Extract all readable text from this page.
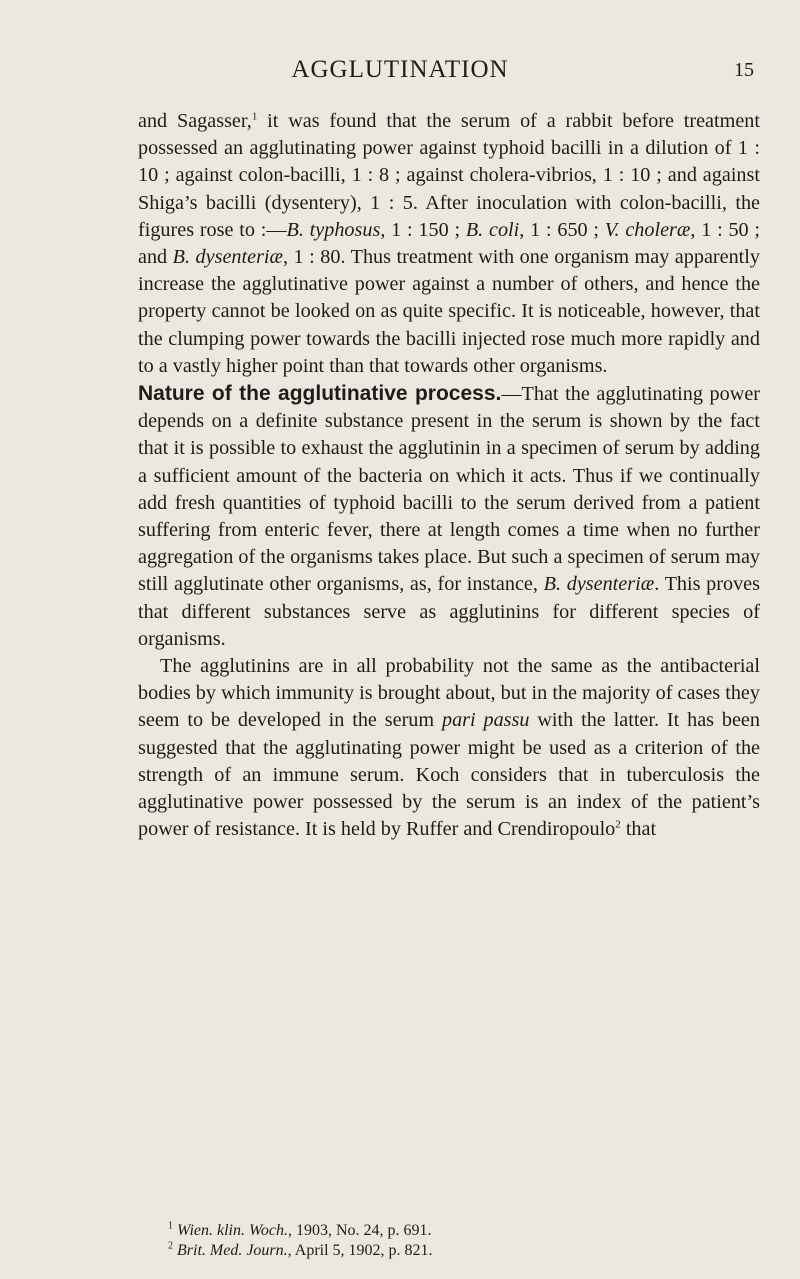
AGGLUTINATION	15

and Sagasser,$^1$ it was found that the serum of a rabbit before treatment possessed an agglutinating power against typhoid bacilli in a dilution of 1 : 10 ; against colon-bacilli, 1 : 8 ; against cholera-vibrios, 1 : 10 ; and against Shiga’s bacilli (dysentery), 1 : 5. After inoculation with colon-bacilli, the figures rose to :—B. typhosus, 1 : 150 ; B. coli, 1 : 650 ; V. choleræ, 1 : 50 ; and B. dysenteriæ, 1 : 80. Thus treatment with one organism may apparently increase the agglutinative power against a number of others, and hence the property cannot be looked on as quite specific. It is noticeable, however, that the clumping power towards the bacilli injected rose much more rapidly and to a vastly higher point than that towards other organisms.

Nature of the agglutinative process.—That the agglutinating power depends on a definite substance present in the serum is shown by the fact that it is possible to exhaust the agglutinin in a specimen of serum by adding a sufficient amount of the bacteria on which it acts. Thus if we continually add fresh quantities of typhoid bacilli to the serum derived from a patient suffering from enteric fever, there at length comes a time when no further aggregation of the organisms takes place. But such a specimen of serum may still agglutinate other organisms, as, for instance, B. dysenteriæ. This proves that different substances serve as agglutinins for different species of organisms.

The agglutinins are in all probability not the same as the antibacterial bodies by which immunity is brought about, but in the majority of cases they seem to be developed in the serum pari passu with the latter. It has been suggested that the agglutinating power might be used as a criterion of the strength of an immune serum. Koch considers that in tuberculosis the agglutinative power possessed by the serum is an index of the patient’s power of resistance. It is held by Ruffer and Crendiropoulo$^2$ that

$^1$ Wien. klin. Woch., 1903, No. 24, p. 691.
$^2$ Brit. Med. Journ., April 5, 1902, p. 821.
